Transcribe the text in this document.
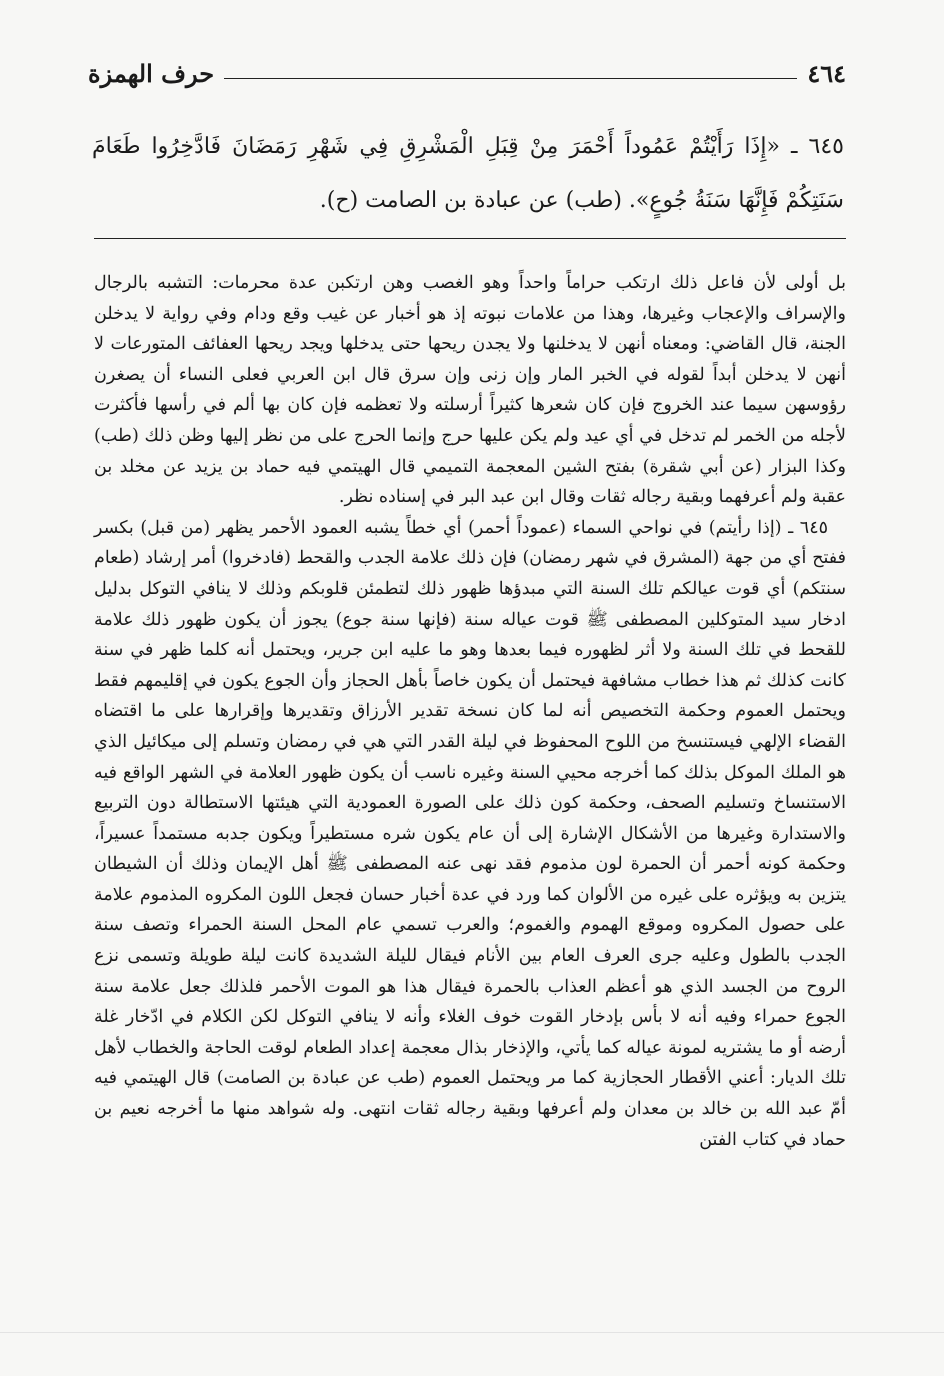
٤٦٤
حرف الهمزة
٦٤٥ ـ «إِذَا رَأَيْتُمْ عَمُوداً أَحْمَرَ مِنْ قِبَلِ الْمَشْرِقِ فِي شَهْرِ رَمَضَانَ فَادَّخِرُوا طَعَامَ سَنَتِكُمْ فَإِنَّهَا سَنَةُ جُوعٍ». (طب) عن عبادة بن الصامت (ح).

بل أولى لأن فاعل ذلك ارتكب حراماً واحداً وهو الغصب وهن ارتكبن عدة محرمات: التشبه بالرجال والإسراف والإعجاب وغيرها، وهذا من علامات نبوته إذ هو أخبار عن غيب وقع ودام وفي رواية لا يدخلن الجنة، قال القاضي: ومعناه أنهن لا يدخلنها ولا يجدن ريحها حتى يدخلها ويجد ريحها العفائف المتورعات لا أنهن لا يدخلن أبداً لقوله في الخبر المار وإن زنى وإن سرق قال ابن العربي فعلى النساء أن يصغرن رؤوسهن سيما عند الخروج فإن كان شعرها كثيراً أرسلته ولا تعظمه فإن كان بها ألم في رأسها فأكثرت لأجله من الخمر لم تدخل في أي عيد ولم يكن عليها حرج وإنما الحرج على من نظر إليها وظن ذلك (طب) وكذا البزار (عن أبي شقرة) بفتح الشين المعجمة التميمي قال الهيتمي فيه حماد بن يزيد عن مخلد بن عقبة ولم أعرفهما وبقية رجاله ثقات وقال ابن عبد البر في إسناده نظر.

٦٤٥ ـ (إذا رأيتم) في نواحي السماء (عموداً أحمر) أي خطاً يشبه العمود الأحمر يظهر (من قبل) بكسر ففتح أي من جهة (المشرق في شهر رمضان) فإن ذلك علامة الجدب والقحط (فادخروا) أمر إرشاد (طعام سنتكم) أي قوت عيالكم تلك السنة التي مبدؤها ظهور ذلك لتطمئن قلوبكم وذلك لا ينافي التوكل بدليل ادخار سيد المتوكلين المصطفى ﷺ قوت عياله سنة (فإنها سنة جوع) يجوز أن يكون ظهور ذلك علامة للقحط في تلك السنة ولا أثر لظهوره فيما بعدها وهو ما عليه ابن جرير، ويحتمل أنه كلما ظهر في سنة كانت كذلك ثم هذا خطاب مشافهة فيحتمل أن يكون خاصاً بأهل الحجاز وأن الجوع يكون في إقليمهم فقط ويحتمل العموم وحكمة التخصيص أنه لما كان نسخة تقدير الأرزاق وتقديرها وإقرارها على ما اقتضاه القضاء الإلهي فيستنسخ من اللوح المحفوظ في ليلة القدر التي هي في رمضان وتسلم إلى ميكائيل الذي هو الملك الموكل بذلك كما أخرجه محيي السنة وغيره ناسب أن يكون ظهور العلامة في الشهر الواقع فيه الاستنساخ وتسليم الصحف، وحكمة كون ذلك على الصورة العمودية التي هيئتها الاستطالة دون التربيع والاستدارة وغيرها من الأشكال الإشارة إلى أن عام يكون شره مستطيراً ويكون جدبه مستمداً عسيراً، وحكمة كونه أحمر أن الحمرة لون مذموم فقد نهى عنه المصطفى ﷺ أهل الإيمان وذلك أن الشيطان يتزين به ويؤثره على غيره من الألوان كما ورد في عدة أخبار حسان فجعل اللون المكروه المذموم علامة على حصول المكروه وموقع الهموم والغموم؛ والعرب تسمي عام المحل السنة الحمراء وتصف سنة الجدب بالطول وعليه جرى العرف العام بين الأنام فيقال لليلة الشديدة كانت ليلة طويلة وتسمى نزع الروح من الجسد الذي هو أعظم العذاب بالحمرة فيقال هذا هو الموت الأحمر فلذلك جعل علامة سنة الجوع حمراء وفيه أنه لا بأس بإدخار القوت خوف الغلاء وأنه لا ينافي التوكل لكن الكلام في ادّخار غلة أرضه أو ما يشتريه لمونة عياله كما يأتي، والإذخار بذال معجمة إعداد الطعام لوقت الحاجة والخطاب لأهل تلك الديار: أعني الأقطار الحجازية كما مر ويحتمل العموم (طب عن عبادة بن الصامت) قال الهيتمي فيه أمّ عبد الله بن خالد بن معدان ولم أعرفها وبقية رجاله ثقات انتهى. وله شواهد منها ما أخرجه نعيم بن حماد في كتاب الفتن
